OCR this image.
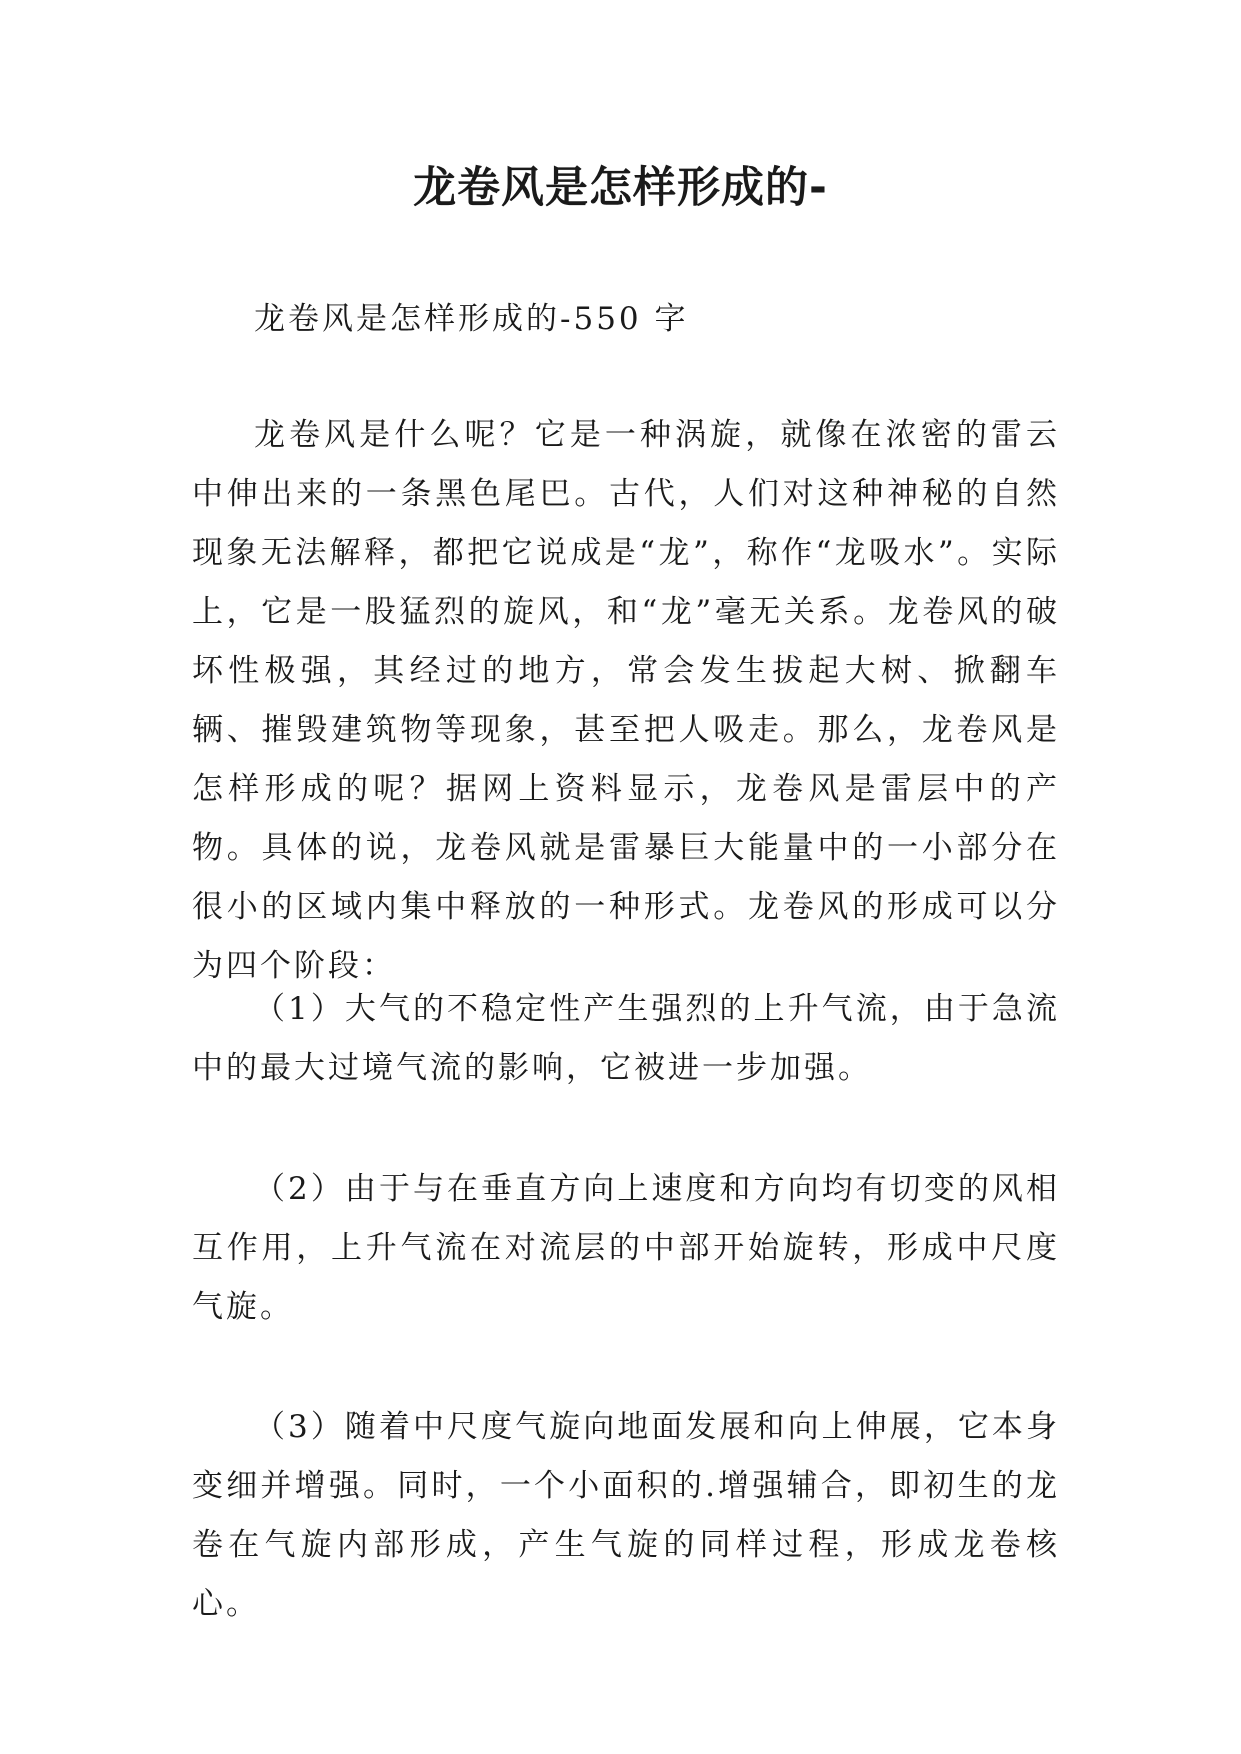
龙卷风是怎样形成的-

龙卷风是怎样形成的-550 字

龙卷风是什么呢？它是一种涡旋，就像在浓密的雷云中伸出来的一条黑色尾巴。古代，人们对这种神秘的自然现象无法解释，都把它说成是“龙”，称作“龙吸水”。实际上，它是一股猛烈的旋风，和“龙”毫无关系。龙卷风的破坏性极强，其经过的地方，常会发生拔起大树、掀翻车辆、摧毁建筑物等现象，甚至把人吸走。那么，龙卷风是怎样形成的呢？据网上资料显示，龙卷风是雷层中的产物。具体的说，龙卷风就是雷暴巨大能量中的一小部分在很小的区域内集中释放的一种形式。龙卷风的形成可以分为四个阶段：

（1）大气的不稳定性产生强烈的上升气流，由于急流中的最大过境气流的影响，它被进一步加强。

（2）由于与在垂直方向上速度和方向均有切变的风相互作用，上升气流在对流层的中部开始旋转，形成中尺度气旋。

（3）随着中尺度气旋向地面发展和向上伸展，它本身变细并增强。同时，一个小面积的.增强辅合，即初生的龙卷在气旋内部形成，产生气旋的同样过程，形成龙卷核心。
